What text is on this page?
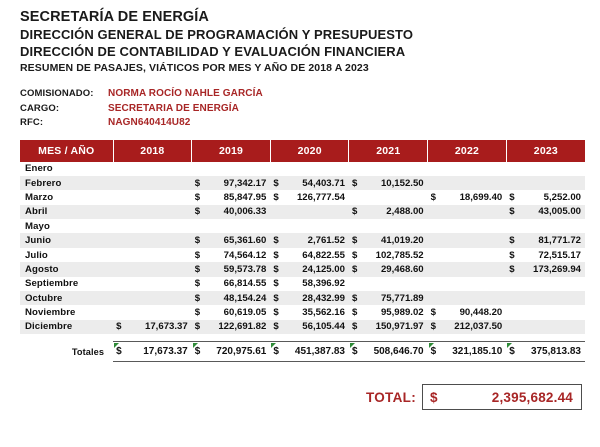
SECRETARÍA DE ENERGÍA
DIRECCIÓN GENERAL DE PROGRAMACIÓN Y PRESUPUESTO
DIRECCIÓN DE CONTABILIDAD Y EVALUACIÓN FINANCIERA
RESUMEN DE PASAJES, VIÁTICOS POR MES Y AÑO DE 2018 A 2023
COMISIONADO:	NORMA ROCÍO NAHLE GARCÍA
CARGO:	SECRETARIA DE ENERGÍA
RFC:	NAGN640414U82
MES / AÑO	2018	2019	2020	2021	2022	2023
Enero						
Febrero		$ 97,342.17	$ 54,403.71	$ 10,152.50		

Marzo		$ 85,847.95	$ 126,777.54		$ 18,699.40	$ 5,252.00

Abril		$ 40,006.33		$ 2,488.00		$ 43,005.00

Mayo						
Junio		$ 65,361.60	$ 2,761.52	$ 41,019.20		$ 81,771.72

Julio		$ 74,564.12	$ 64,822.55	$ 102,785.52		$ 72,515.17

Agosto		$ 59,573.78	$ 24,125.00	$ 29,468.60		$ 173,269.94

Septiembre		$ 66,814.55	$ 58,396.92			

Octubre		$ 48,154.24	$ 28,432.99	$ 75,771.89		

Noviembre		$ 60,619.05	$ 35,562.16	$ 95,989.02	$ 90,448.20	

Diciembre	$ 17,673.37	$ 122,691.82	$ 56,105.44	$ 150,971.97	$ 212,037.50	

Totales	$ 17,673.37	$ 720,975.61	$ 451,387.83	$ 508,646.70	$ 321,185.10	$ 375,813.83
TOTAL:	$	2,395,682.44
